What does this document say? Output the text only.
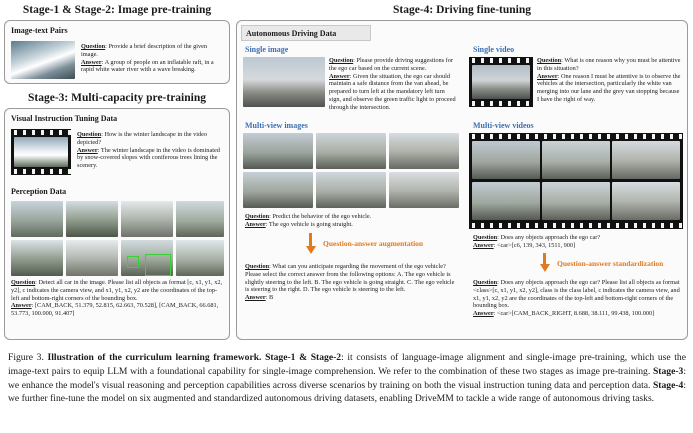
Stage-1 & Stage-2: Image pre-training
Image-text Pairs
Question: Provide a brief description of the given image.
Answer: A group of people on an inflatable raft, in a rapid white water river with a wave breaking.
Stage-3: Multi-capacity pre-training
Visual Instruction Tuning Data
Question: How is the winter landscape in the video depicted?
Answer: The winter landscape in the video is dominated by snow-covered slopes with coniferous trees lining the scenery.
Perception Data
Question: Detect all car in the image. Please list all objects as format [c, x1, y1, x2, y2], c indicates the camera view, and x1, y1, x2, y2 are the coordinates of the top-left and bottom-right corners of the bounding box.
Answer: [CAM_BACK, 51.379, 52.815, 62.663, 70.528], [CAM_BACK, 66.681, 53.773, 100.000, 91.407]
Stage-4: Driving fine-tuning
Autonomous Driving Data
Single image
Question: Please provide driving suggestions for the ego car based on the current scene.
Answer: Given the situation, the ego car should maintain a safe distance from the van ahead, be prepared to turn left at the mandatory left turn sign, and observe the green traffic light to proceed through the intersection.
Single video
Question: What is one reason why you must be attentive in this situation?
Answer: One reason I must be attentive is to observe the vehicles at the intersection, particularly the white van merging into our lane and the grey van stopping because I have the right of way.
Multi-view images
Question: Predict the behavior of the ego vehicle.
Answer: The ego vehicle is going straight.
Question-answer augmentation
Question: What can you anticipate regarding the movement of the ego vehicle? Please select the correct answer from the following options: A. The ego vehicle is slightly steering to the left. B. The ego vehicle is going straight. C. The ego vehicle is steering to the right. D. The ego vehicle is steering to the left.
Answer: B
Multi-view videos
Question: Does any objects approach the ego car?
Answer: <car>[c6, 139, 343, 1511, 900]
Question-answer standardization
Question: Does any objects approach the ego car? Please list all objects as format <class>[c, x1, y1, x2, y2], class is the class label, c indicates the camera view, and x1, y1, x2, y2 are the coordinates of the top-left and bottom-right corners of the bounding box.
Answer: <car>[CAM_BACK_RIGHT, 8.688, 38.111, 99.438, 100.000]
Figure 3. Illustration of the curriculum learning framework. Stage-1 & Stage-2: it consists of language-image alignment and single-image pre-training, which use the image-text pairs to equip LLM with a foundational capability for single-image comprehension. We refer to the combination of these two stages as image pre-training. Stage-3: we enhance the model's visual reasoning and perception capabilities across diverse scenarios by training on both the visual instruction tuning data and perception data. Stage-4: we further fine-tune the model on six augmented and standardized autonomous driving datasets, enabling DriveMM to tackle a wide range of autonomous driving tasks.
